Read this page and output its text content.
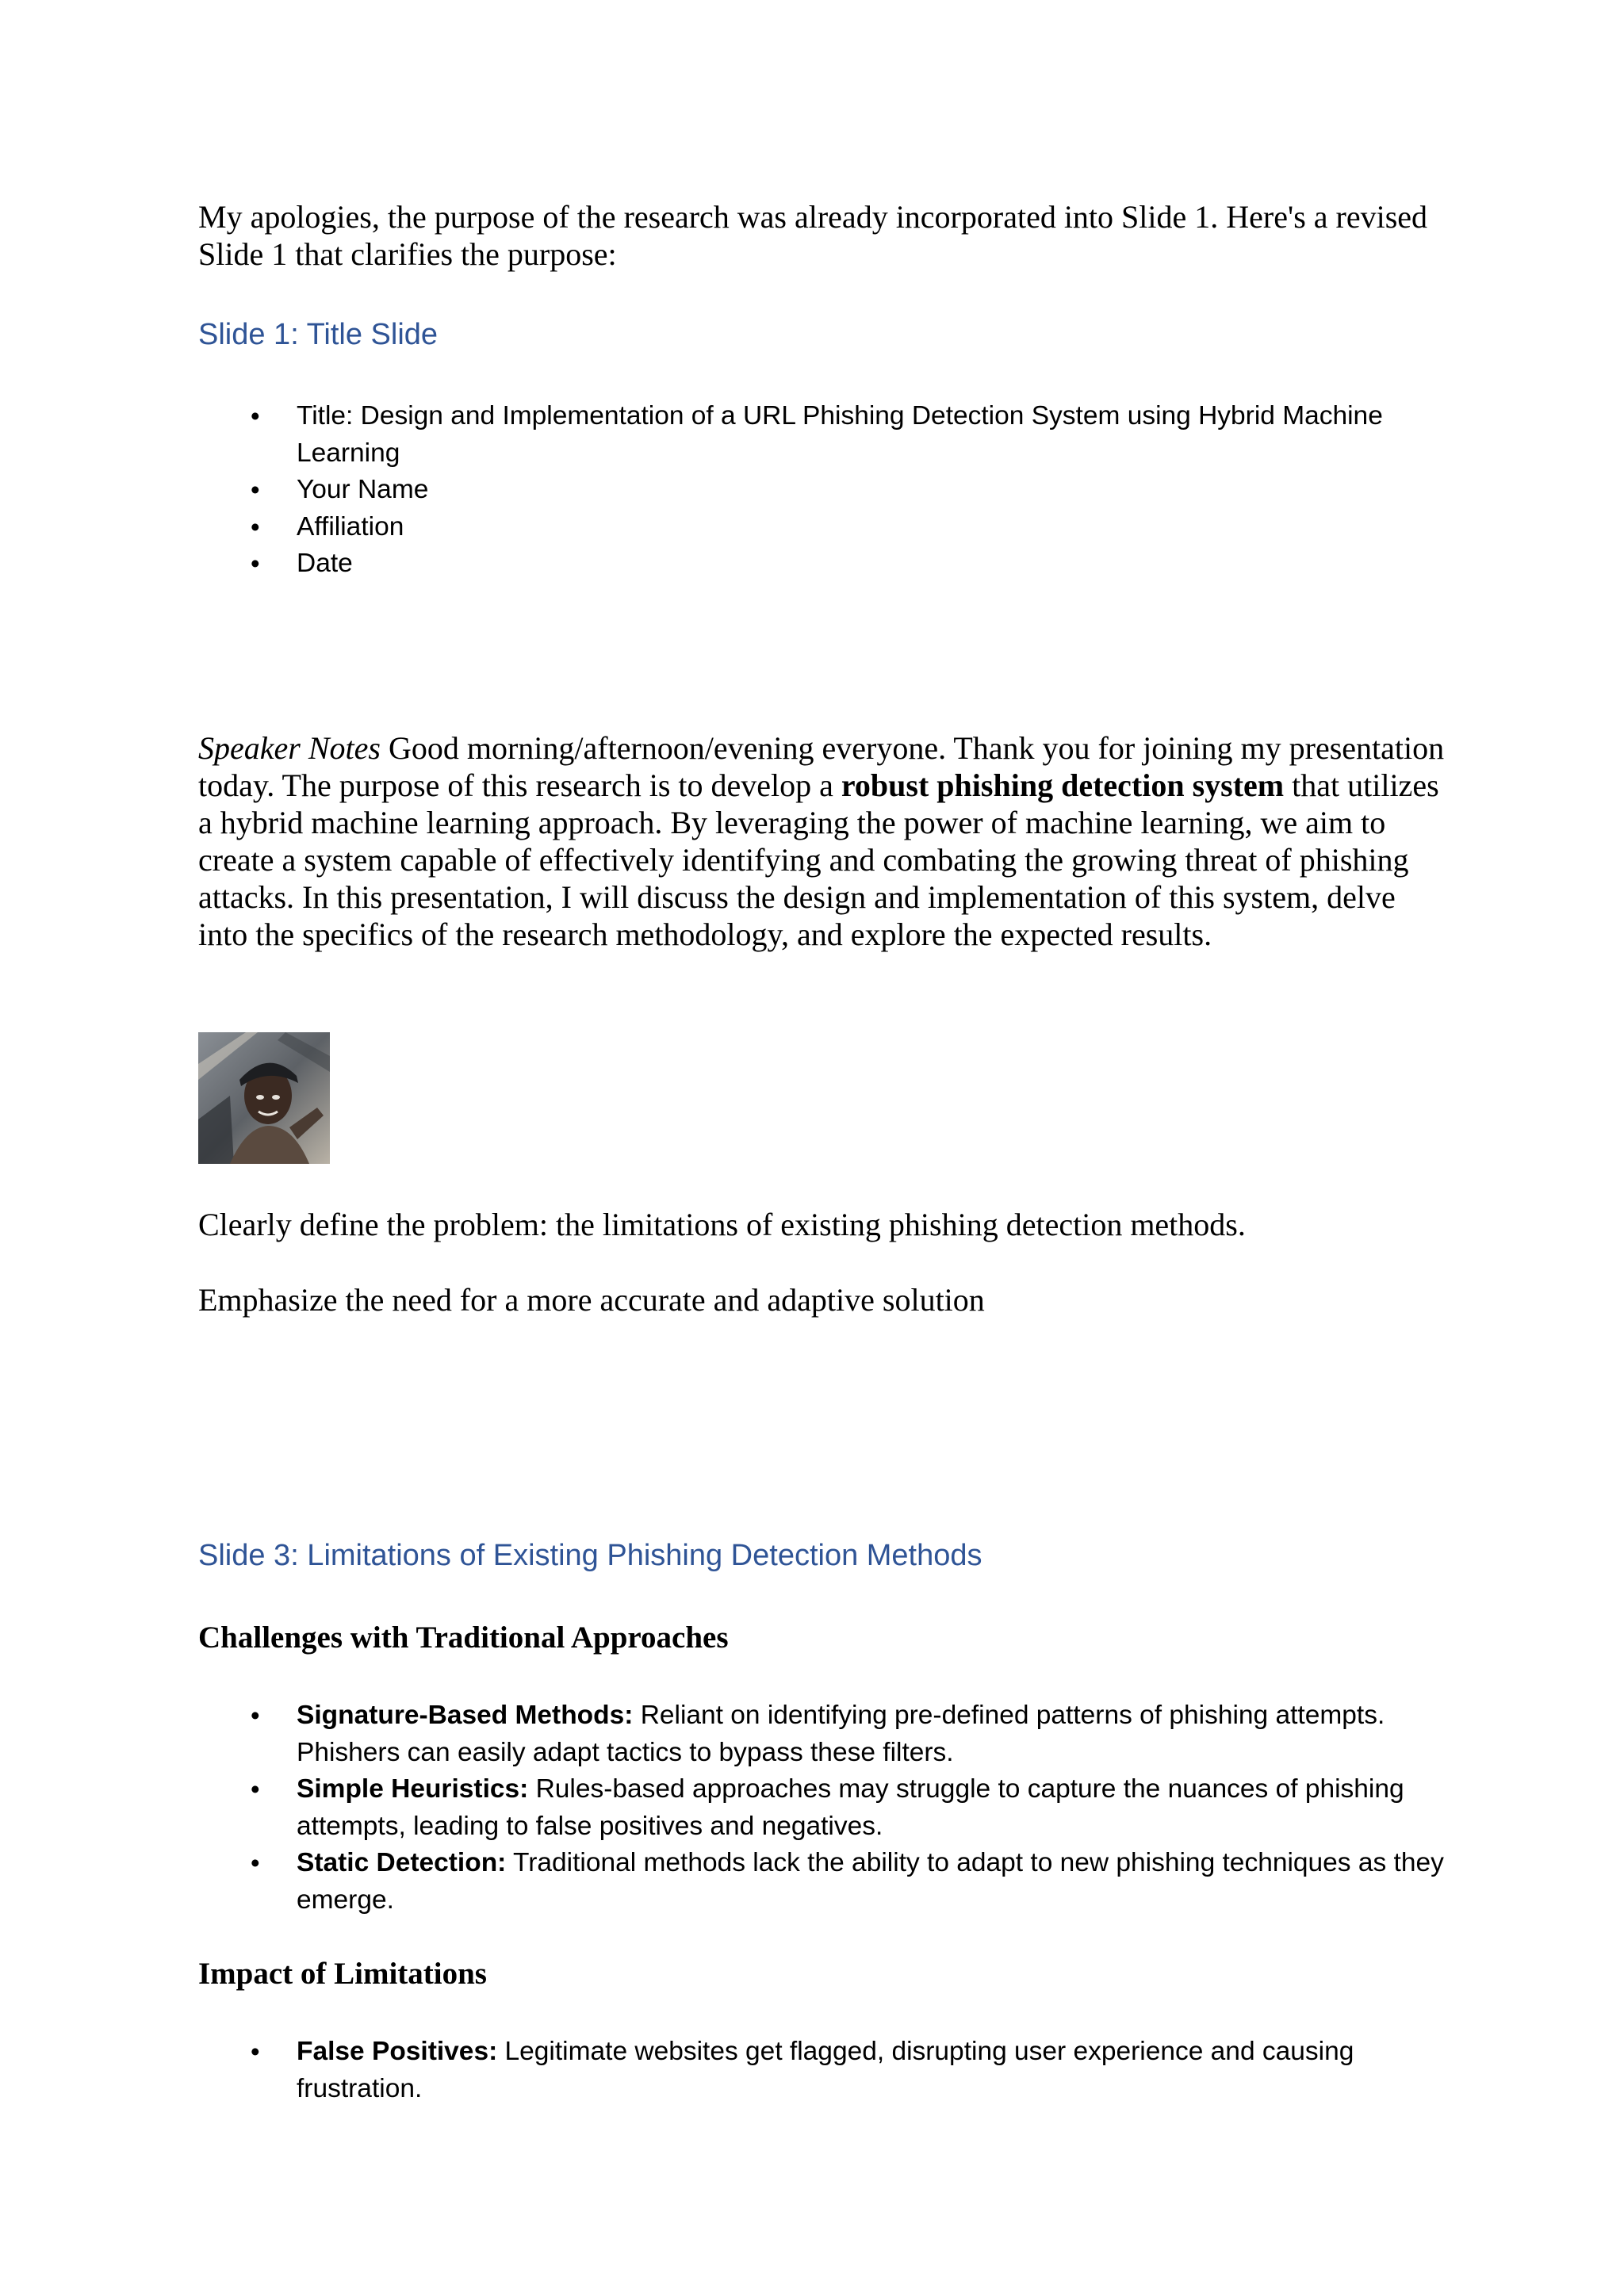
My apologies, the purpose of the research was already incorporated into Slide 1. Here's a revised Slide 1 that clarifies the purpose:

Slide 1: Title Slide
• Title: Design and Implementation of a URL Phishing Detection System using Hybrid Machine Learning
• Your Name
• Affiliation
• Date

Speaker Notes Good morning/afternoon/evening everyone. Thank you for joining my presentation today. The purpose of this research is to develop a robust phishing detection system that utilizes a hybrid machine learning approach. By leveraging the power of machine learning, we aim to create a system capable of effectively identifying and combating the growing threat of phishing attacks. In this presentation, I will discuss the design and implementation of this system, delve into the specifics of the research methodology, and explore the expected results.

Clearly define the problem: the limitations of existing phishing detection methods.

Emphasize the need for a more accurate and adaptive solution

Slide 3: Limitations of Existing Phishing Detection Methods
Challenges with Traditional Approaches
• Signature-Based Methods: Reliant on identifying pre-defined patterns of phishing attempts. Phishers can easily adapt tactics to bypass these filters.
• Simple Heuristics: Rules-based approaches may struggle to capture the nuances of phishing attempts, leading to false positives and negatives.
• Static Detection: Traditional methods lack the ability to adapt to new phishing techniques as they emerge.
Impact of Limitations
• False Positives: Legitimate websites get flagged, disrupting user experience and causing frustration.
